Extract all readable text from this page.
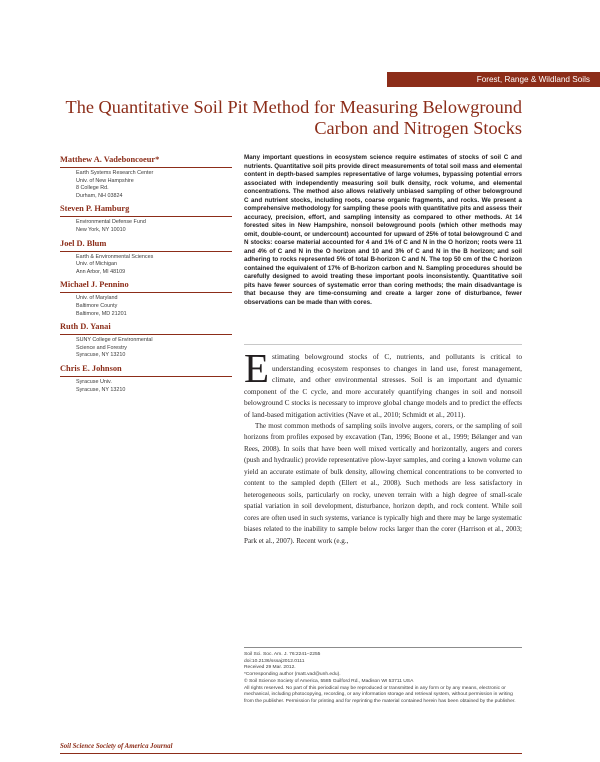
Forest, Range & Wildland Soils
The Quantitative Soil Pit Method for Measuring Belowground Carbon and Nitrogen Stocks
Matthew A. Vadeboncoeur*
Earth Systems Research Center
Univ. of New Hampshire
8 College Rd.
Durham, NH 03824
Steven P. Hamburg
Environmental Defense Fund
New York, NY 10010
Joel D. Blum
Earth & Environmental Sciences
Univ. of Michigan
Ann Arbor, MI 48109
Michael J. Pennino
Univ. of Maryland
Baltimore County
Baltimore, MD 21201
Ruth D. Yanai
SUNY College of Environmental
Science and Forestry
Syracuse, NY 13210
Chris E. Johnson
Syracuse Univ.
Syracuse, NY 13210

Many important questions in ecosystem science require estimates of stocks of soil C and nutrients. Quantitative soil pits provide direct measurements of total soil mass and elemental content in depth-based samples representative of large volumes, bypassing potential errors associated with independently measuring soil bulk density, rock volume, and elemental concentrations. The method also allows relatively unbiased sampling of other belowground C and nutrient stocks, including roots, coarse organic fragments, and rocks. We present a comprehensive methodology for sampling these pools with quantitative pits and assess their accuracy, precision, effort, and sampling intensity as compared to other methods. At 14 forested sites in New Hampshire, nonsoil belowground pools (which other methods may omit, double-count, or undercount) accounted for upward of 25% of total belowground C and N stocks: coarse material accounted for 4 and 1% of C and N in the O horizon; roots were 11 and 4% of C and N in the O horizon and 10 and 3% of C and N in the B horizon; and soil adhering to rocks represented 5% of total B-horizon C and N. The top 50 cm of the C horizon contained the equivalent of 17% of B-horizon carbon and N. Sampling procedures should be carefully designed to avoid treating these important pools inconsistently. Quantitative soil pits have fewer sources of systematic error than coring methods; the main disadvantage is that because they are time-consuming and create a larger zone of disturbance, fewer observations can be made than with cores.

Estimating belowground stocks of C, nutrients, and pollutants is critical to understanding ecosystem responses to changes in land use, forest management, climate, and other environmental stresses. Soil is an important and dynamic component of the C cycle, and more accurately quantifying changes in soil and nonsoil belowground C stocks is necessary to improve global change models and to predict the effects of land-based mitigation activities (Nave et al., 2010; Schmidt et al., 2011).

The most common methods of sampling soils involve augers, corers, or the sampling of soil horizons from profiles exposed by excavation (Tan, 1996; Boone et al., 1999; Bélanger and van Rees, 2008). In soils that have been well mixed vertically and horizontally, augers and corers (push and hydraulic) provide representative plow-layer samples, and coring a known volume can yield an accurate estimate of bulk density, allowing chemical concentrations to be converted to content to the sampled depth (Ellert et al., 2008). Such methods are less satisfactory in heterogeneous soils, particularly on rocky, uneven terrain with a high degree of small-scale spatial variation in soil development, disturbance, horizon depth, and rock content. While soil cores are often used in such systems, variance is typically high and there may be large systematic biases related to the inability to sample below rocks larger than the corer (Harrison et al., 2003; Park et al., 2007). Recent work (e.g.,

Soil Sci. Soc. Am. J. 76:2241–2255
doi:10.2136/sssaj2012.0111
Received 29 Mar. 2012.
*Corresponding author (matt.vad@unh.edu).
© Soil Science Society of America, 5585 Guilford Rd., Madison WI 53711 USA
All rights reserved. No part of this periodical may be reproduced or transmitted in any form or by any means, electronic or mechanical, including photocopying, recording, or any information storage and retrieval system, without permission in writing from the publisher. Permission for printing and for reprinting the material contained herein has been obtained by the publisher.
Soil Science Society of America Journal
